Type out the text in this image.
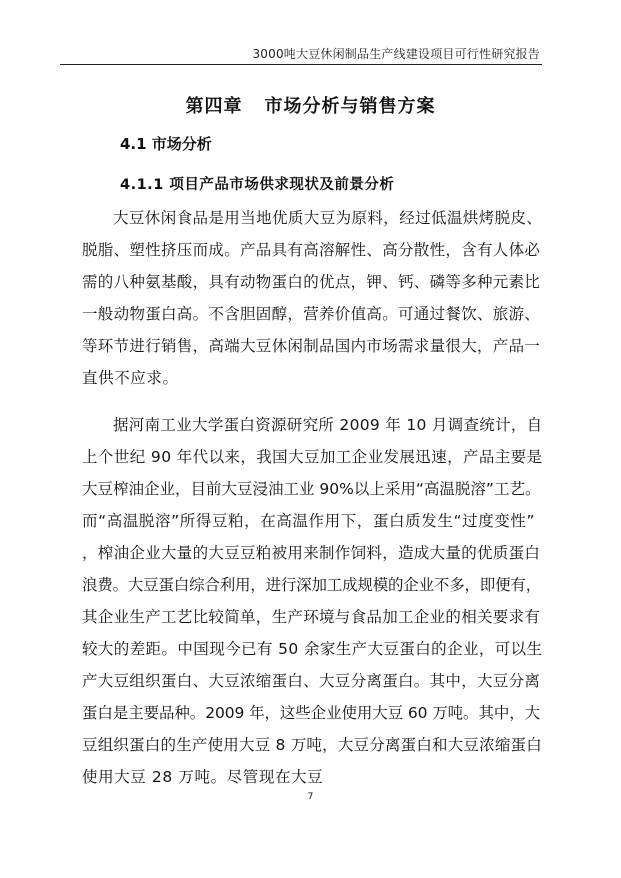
3000吨大豆休闲制品生产线建设项目可行性研究报告
第四章 市场分析与销售方案
4.1 市场分析
4.1.1 项目产品市场供求现状及前景分析
大豆休闲食品是用当地优质大豆为原料，经过低温烘烤脱皮、
脱脂、塑性挤压而成。产品具有高溶解性、高分散性，含有人体必
需的八种氨基酸，具有动物蛋白的优点，钾、钙、磷等多种元素比
一般动物蛋白高。不含胆固醇，营养价值高。可通过餐饮、旅游、
等环节进行销售，高端大豆休闲制品国内市场需求量很大，产品一
直供不应求。
据河南工业大学蛋白资源研究所 2009 年 10 月调查统计，自
上个世纪 90 年代以来，我国大豆加工企业发展迅速，产品主要是
大豆榨油企业，目前大豆浸油工业 90%以上采用“高温脱溶”工艺。
而“高温脱溶”所得豆粕，在高温作用下，蛋白质发生“过度变性”
，榨油企业大量的大豆豆粕被用来制作饲料，造成大量的优质蛋白
浪费。大豆蛋白综合利用，进行深加工成规模的企业不多，即便有，
其企业生产工艺比较简单，生产环境与食品加工企业的相关要求有
较大的差距。中国现今已有 50 余家生产大豆蛋白的企业，可以生
产大豆组织蛋白、大豆浓缩蛋白、大豆分离蛋白。其中，大豆分离
蛋白是主要品种。2009 年，这些企业使用大豆 60 万吨。其中，大
豆组织蛋白的生产使用大豆 8 万吨，大豆分离蛋白和大豆浓缩蛋白
使用大豆 28 万吨。尽管现在大豆
7
